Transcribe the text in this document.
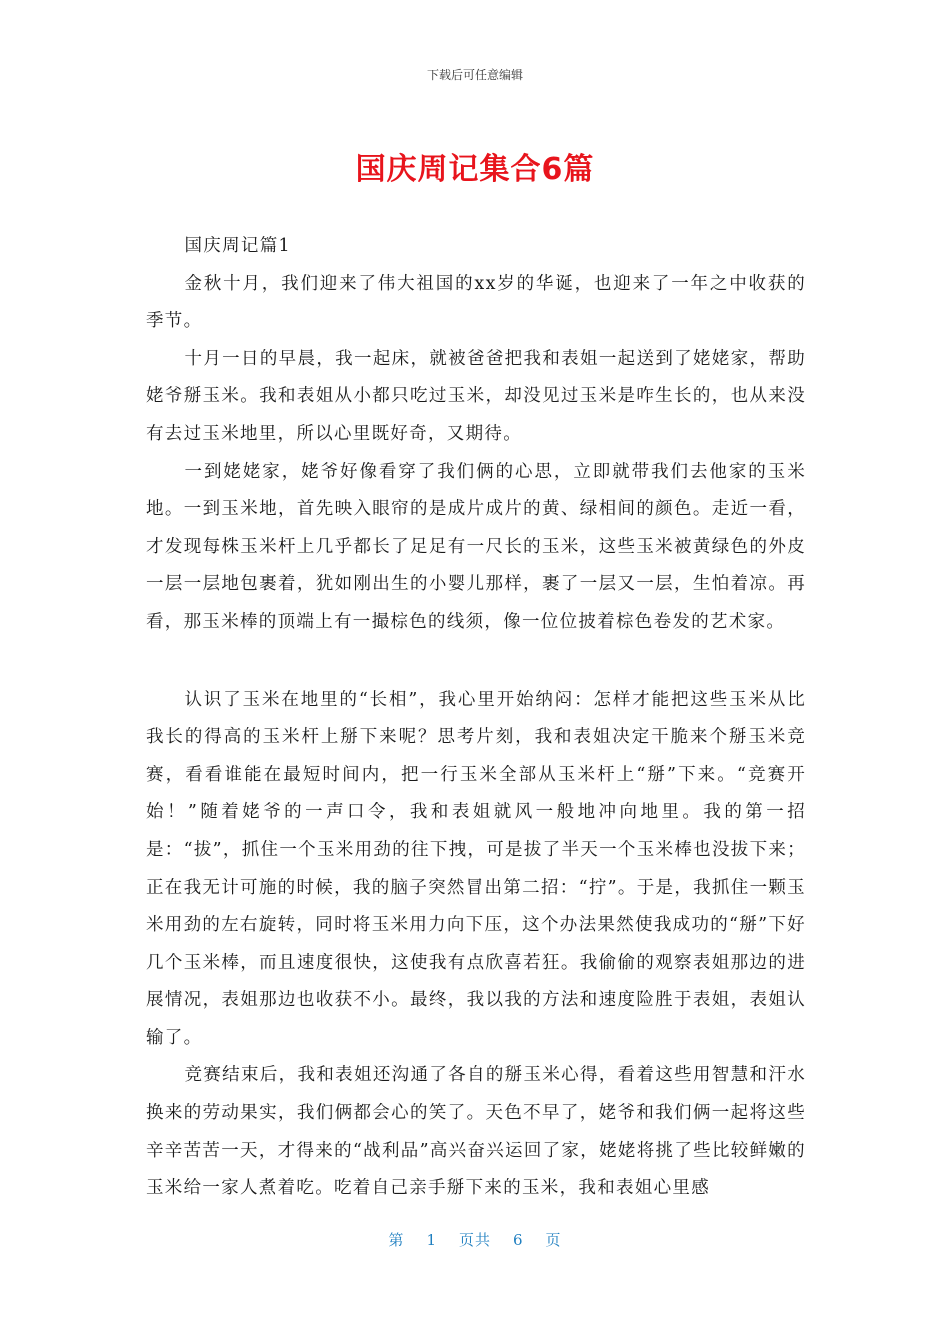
下载后可任意编辑
国庆周记集合6篇

国庆周记篇1

金秋十月，我们迎来了伟大祖国的xx岁的华诞，也迎来了一年之中收获的季节。

十月一日的早晨，我一起床，就被爸爸把我和表姐一起送到了姥姥家，帮助姥爷掰玉米。我和表姐从小都只吃过玉米，却没见过玉米是咋生长的，也从来没有去过玉米地里，所以心里既好奇，又期待。

一到姥姥家，姥爷好像看穿了我们俩的心思，立即就带我们去他家的玉米地。一到玉米地，首先映入眼帘的是成片成片的黄、绿相间的颜色。走近一看，才发现每株玉米杆上几乎都长了足足有一尺长的玉米，这些玉米被黄绿色的外皮一层一层地包裹着，犹如刚出生的小婴儿那样，裹了一层又一层，生怕着凉。再看，那玉米棒的顶端上有一撮棕色的线须，像一位位披着棕色卷发的艺术家。

认识了玉米在地里的“长相”，我心里开始纳闷：怎样才能把这些玉米从比我长的得高的玉米杆上掰下来呢？思考片刻，我和表姐决定干脆来个掰玉米竞赛，看看谁能在最短时间内，把一行玉米全部从玉米杆上“掰”下来。“竞赛开始！”随着姥爷的一声口令，我和表姐就风一般地冲向地里。我的第一招是：“拔”，抓住一个玉米用劲的往下拽，可是拔了半天一个玉米棒也没拔下来；正在我无计可施的时候，我的脑子突然冒出第二招：“拧”。于是，我抓住一颗玉米用劲的左右旋转，同时将玉米用力向下压，这个办法果然使我成功的“掰”下好几个玉米棒，而且速度很快，这使我有点欣喜若狂。我偷偷的观察表姐那边的进展情况，表姐那边也收获不小。最终，我以我的方法和速度险胜于表姐，表姐认输了。

竞赛结束后，我和表姐还沟通了各自的掰玉米心得，看着这些用智慧和汗水换来的劳动果实，我们俩都会心的笑了。天色不早了，姥爷和我们俩一起将这些辛辛苦苦一天，才得来的“战利品”高兴奋兴运回了家，姥姥将挑了些比较鲜嫩的玉米给一家人煮着吃。吃着自己亲手掰下来的玉米，我和表姐心里感

第 1 页共 6 页
